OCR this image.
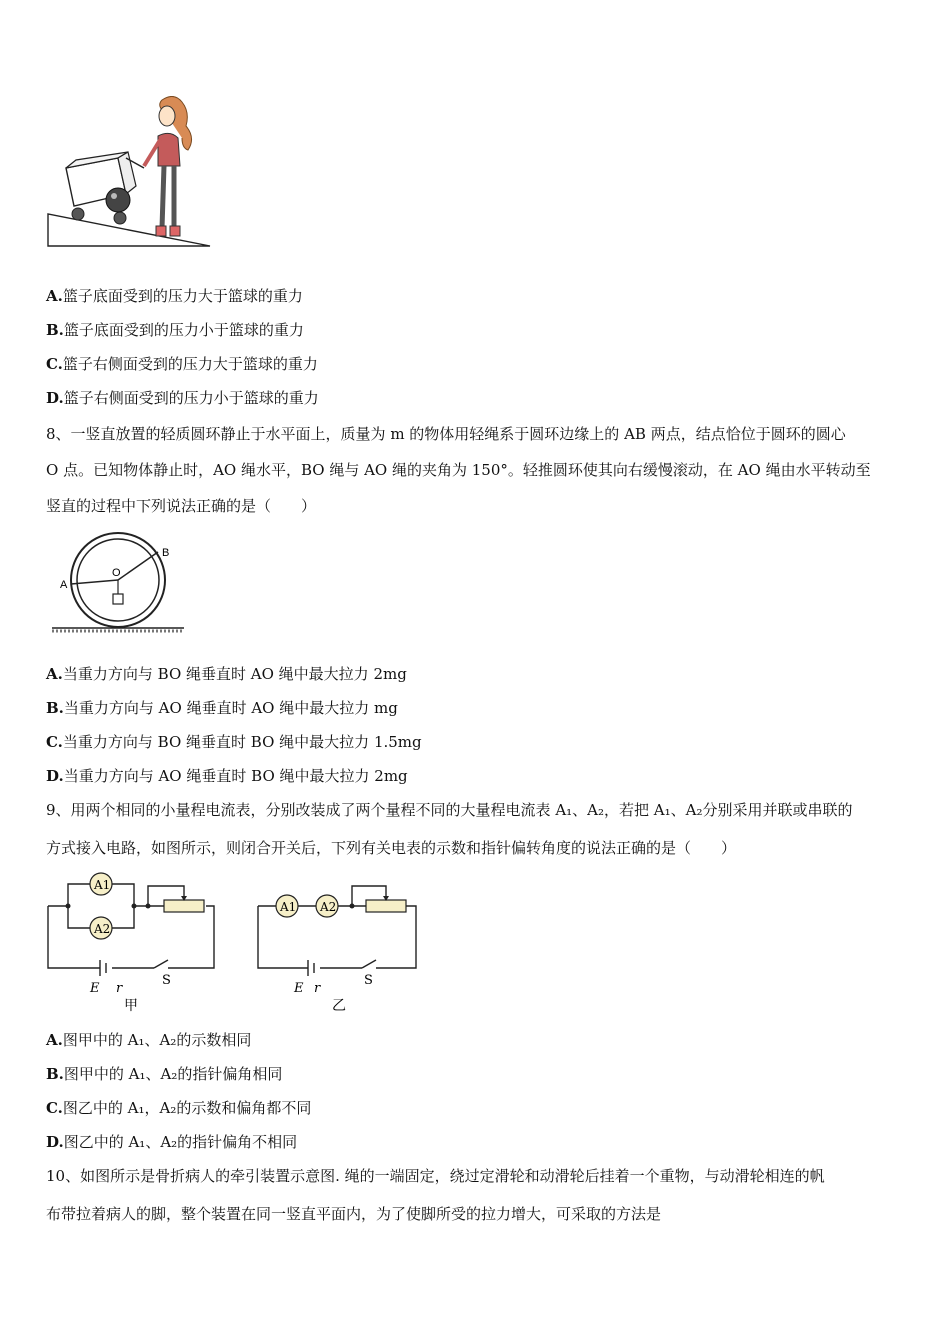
A.篮子底面受到的压力大于篮球的重力
B.篮子底面受到的压力小于篮球的重力
C.篮子右侧面受到的压力大于篮球的重力
D.篮子右侧面受到的压力小于篮球的重力
8、一竖直放置的轻质圆环静止于水平面上，质量为 m 的物体用轻绳系于圆环边缘上的 AB 两点，结点恰位于圆环的圆心
O 点。已知物体静止时，AO 绳水平，BO 绳与 AO 绳的夹角为 150°。轻推圆环使其向右缓慢滚动，在 AO 绳由水平转动至
竖直的过程中下列说法正确的是（　　）
A
B
O
A.当重力方向与 BO 绳垂直时 AO 绳中最大拉力 2mg
B.当重力方向与 AO 绳垂直时 AO 绳中最大拉力 mg
C.当重力方向与 BO 绳垂直时 BO 绳中最大拉力 1.5mg
D.当重力方向与 AO 绳垂直时 BO 绳中最大拉力 2mg
9、用两个相同的小量程电流表，分别改装成了两个量程不同的大量程电流表 A₁、A₂，若把 A₁、A₂分别采用并联或串联的
方式接入电路，如图所示，则闭合开关后，下列有关电表的示数和指针偏转角度的说法正确的是（　　）
A1
A2
E r
S
甲
A1 A2
E r
S
乙
A.图甲中的 A₁、A₂的示数相同
B.图甲中的 A₁、A₂的指针偏角相同
C.图乙中的 A₁，A₂的示数和偏角都不同
D.图乙中的 A₁、A₂的指针偏角不相同
10、如图所示是骨折病人的牵引装置示意图. 绳的一端固定，绕过定滑轮和动滑轮后挂着一个重物，与动滑轮相连的帆
布带拉着病人的脚，整个装置在同一竖直平面内，为了使脚所受的拉力增大，可采取的方法是
